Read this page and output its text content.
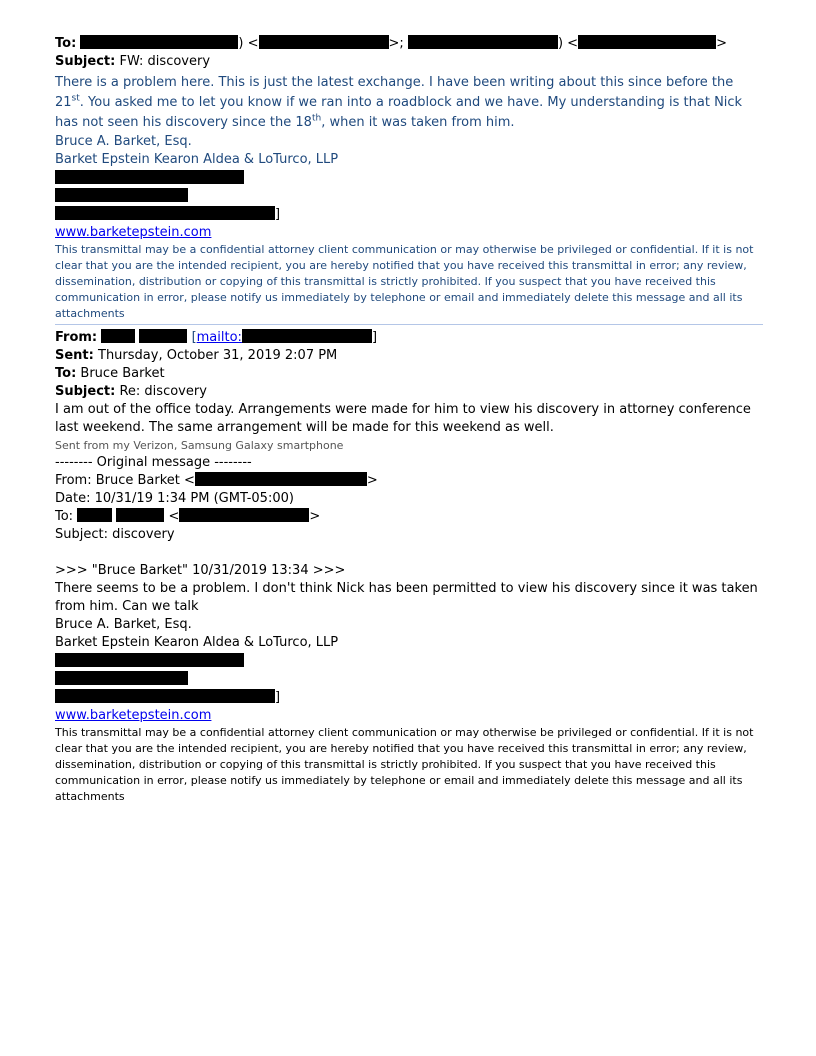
To:	) <	>;	) <	>
Subject: FW: discovery
There is a problem here. This is just the latest exchange. I have been writing about this since before the 21st. You asked me to let you know if we ran into a roadblock and we have. My understanding is that Nick has not seen his discovery since the 18th, when it was taken from him.
Bruce A. Barket, Esq.
Barket Epstein Kearon Aldea & LoTurco, LLP
]
www.barketepstein.com
This transmittal may be a confidential attorney client communication or may otherwise be privileged or confidential. If it is not clear that you are the intended recipient, you are hereby notified that you have received this transmittal in error; any review, dissemination, distribution or copying of this transmittal is strictly prohibited. If you suspect that you have received this communication in error, please notify us immediately by telephone or email and immediately delete this message and all its attachments
From:	[mailto:	]
Sent: Thursday, October 31, 2019 2:07 PM
To: Bruce Barket
Subject: Re: discovery
I am out of the office today. Arrangements were made for him to view his discovery in attorney conference last weekend. The same arrangement will be made for this weekend as well.
Sent from my Verizon, Samsung Galaxy smartphone
-------- Original message --------
From: Bruce Barket <	>
Date: 10/31/19 1:34 PM (GMT-05:00)
To:	<	>
Subject: discovery
>>> "Bruce Barket" 10/31/2019 13:34 >>>
There seems to be a problem. I don't think Nick has been permitted to view his discovery since it was taken from him. Can we talk
Bruce A. Barket, Esq.
Barket Epstein Kearon Aldea & LoTurco, LLP
]
www.barketepstein.com
This transmittal may be a confidential attorney client communication or may otherwise be privileged or confidential. If it is not clear that you are the intended recipient, you are hereby notified that you have received this transmittal in error; any review, dissemination, distribution or copying of this transmittal is strictly prohibited. If you suspect that you have received this communication in error, please notify us immediately by telephone or email and immediately delete this message and all its attachments
